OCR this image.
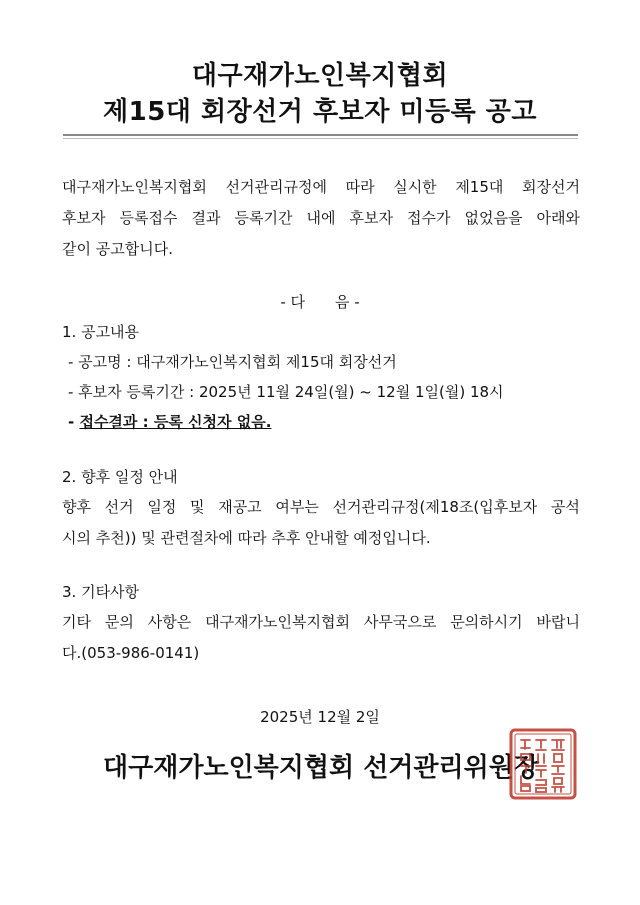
대구재가노인복지협회
제15대 회장선거 후보자 미등록 공고
대구재가노인복지협회 선거관리규정에 따라 실시한 제15대 회장선거
후보자 등록접수 결과 등록기간 내에 후보자 접수가 없었음을 아래와
같이 공고합니다.
- 다　　음 -
1. 공고내용
- 공고명 : 대구재가노인복지협회 제15대 회장선거
- 후보자 등록기간 : 2025년 11월 24일(월) ~ 12월 1일(월) 18시
- 접수결과 : 등록 신청자 없음.
2. 향후 일정 안내
향후 선거 일정 및 재공고 여부는 선거관리규정(제18조(입후보자 공석
시의 추천)) 및 관련절차에 따라 추후 안내할 예정입니다.
3. 기타사항
기타 문의 사항은 대구재가노인복지협회 사무국으로 문의하시기 바랍니
다.(053-986-0141)
2025년 12월 2일
대구재가노인복지협회 선거관리위원장
